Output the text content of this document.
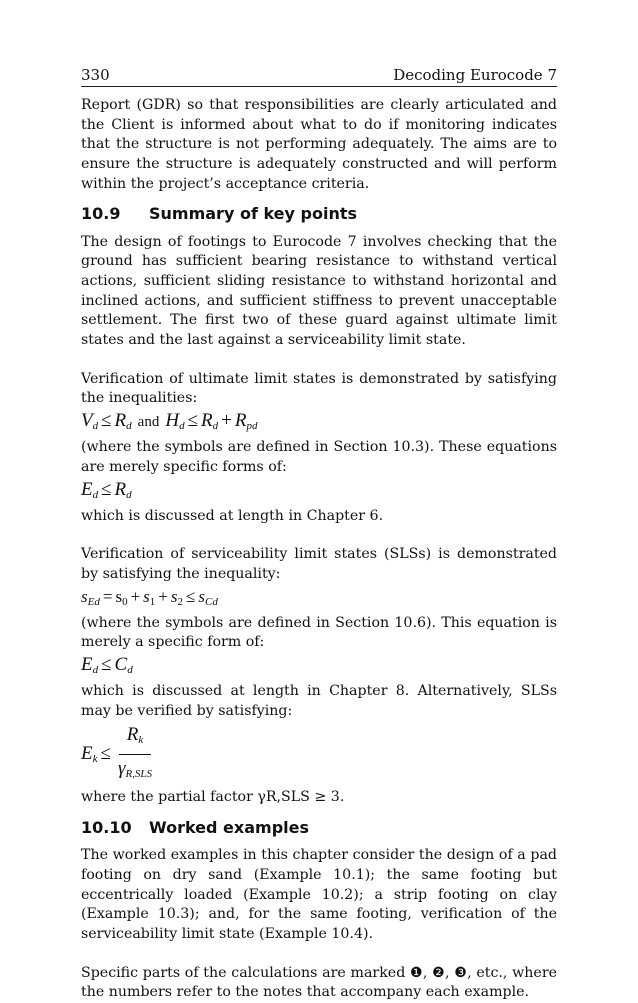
330	Decoding Eurocode 7

Report (GDR) so that responsibilities are clearly articulated and the Client is informed about what to do if monitoring indicates that the structure is not performing adequately. The aims are to ensure the structure is adequately constructed and will perform within the project’s acceptance criteria.

10.9	Summary of key points

The design of footings to Eurocode 7 involves checking that the ground has sufficient bearing resistance to withstand vertical actions, sufficient sliding resistance to withstand horizontal and inclined actions, and sufficient stiffness to prevent unacceptable settlement. The first two of these guard against ultimate limit states and the last against a serviceability limit state.

Verification of ultimate limit states is demonstrated by satisfying the inequalities:

$V_d \le R_d$ and $H_d \le R_d + R_{pd}$

(where the symbols are defined in Section 10.3). These equations are merely specific forms of:

$E_d \le R_d$

which is discussed at length in Chapter 6.

Verification of serviceability limit states (SLSs) is demonstrated by satisfying the inequality:

$s_{Ed} = s_0 + s_1 + s_2 \le s_{Cd}$

(where the symbols are defined in Section 10.6). This equation is merely a specific form of:

$E_d \le C_d$

which is discussed at length in Chapter 8. Alternatively, SLSs may be verified by satisfying:

$E_k \le \frac{R_k}{\gamma_{R,SLS}}$

where the partial factor γR,SLS ≥ 3.

10.10	Worked examples

The worked examples in this chapter consider the design of a pad footing on dry sand (Example 10.1); the same footing but eccentrically loaded (Example 10.2); a strip footing on clay (Example 10.3); and, for the same footing, verification of the serviceability limit state (Example 10.4).

Specific parts of the calculations are marked ❶, ❷, ❸, etc., where the numbers refer to the notes that accompany each example.
